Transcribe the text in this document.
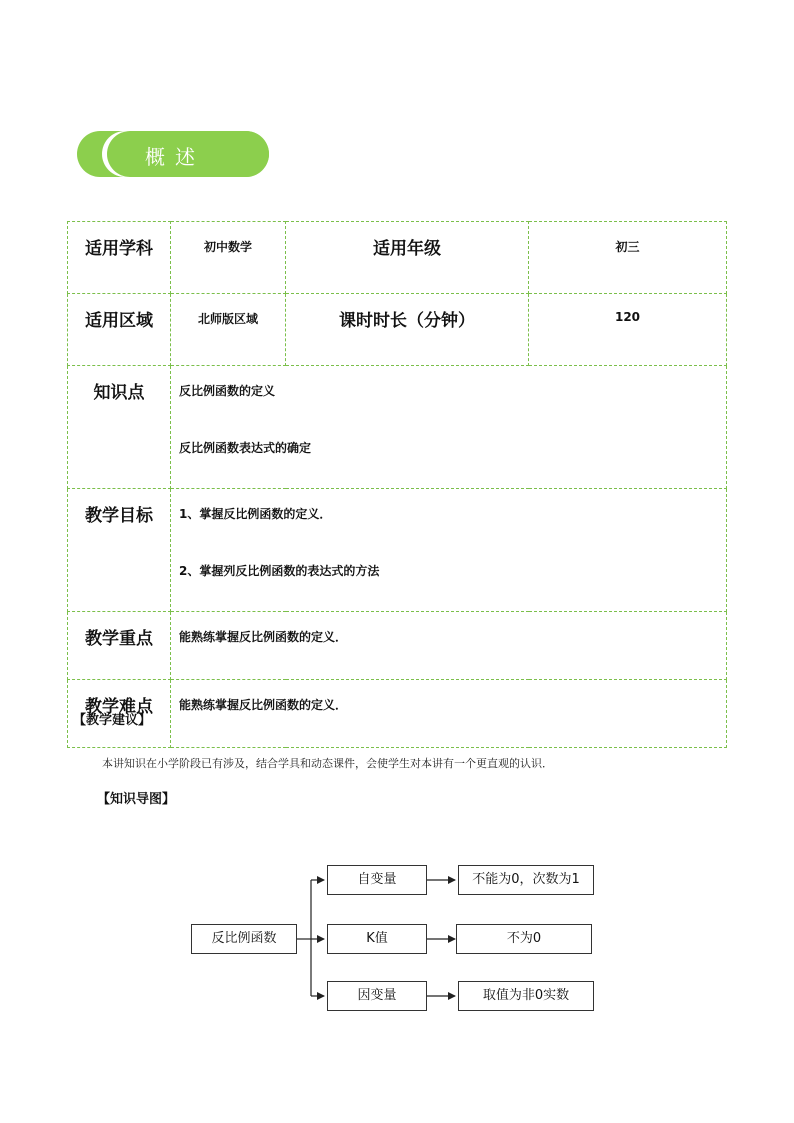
概述
适用学科	初中数学	适用年级	初三
适用区域	北师版区域	课时时长（分钟）	120
知识点	反比例函数的定义
反比例函数表达式的确定		

教学目标	1、掌握反比例函数的定义．
2、掌握列反比例函数的表达式的方法		

教学重点	能熟练掌握反比例函数的定义．		

教学难点	能熟练掌握反比例函数的定义．		
【教学建议】
本讲知识在小学阶段已有涉及，结合学具和动态课件，会使学生对本讲有一个更直观的认识．
【知识导图】
反比例函数
自变量
K值
因变量
不能为0，次数为1
不为0
取值为非0实数
